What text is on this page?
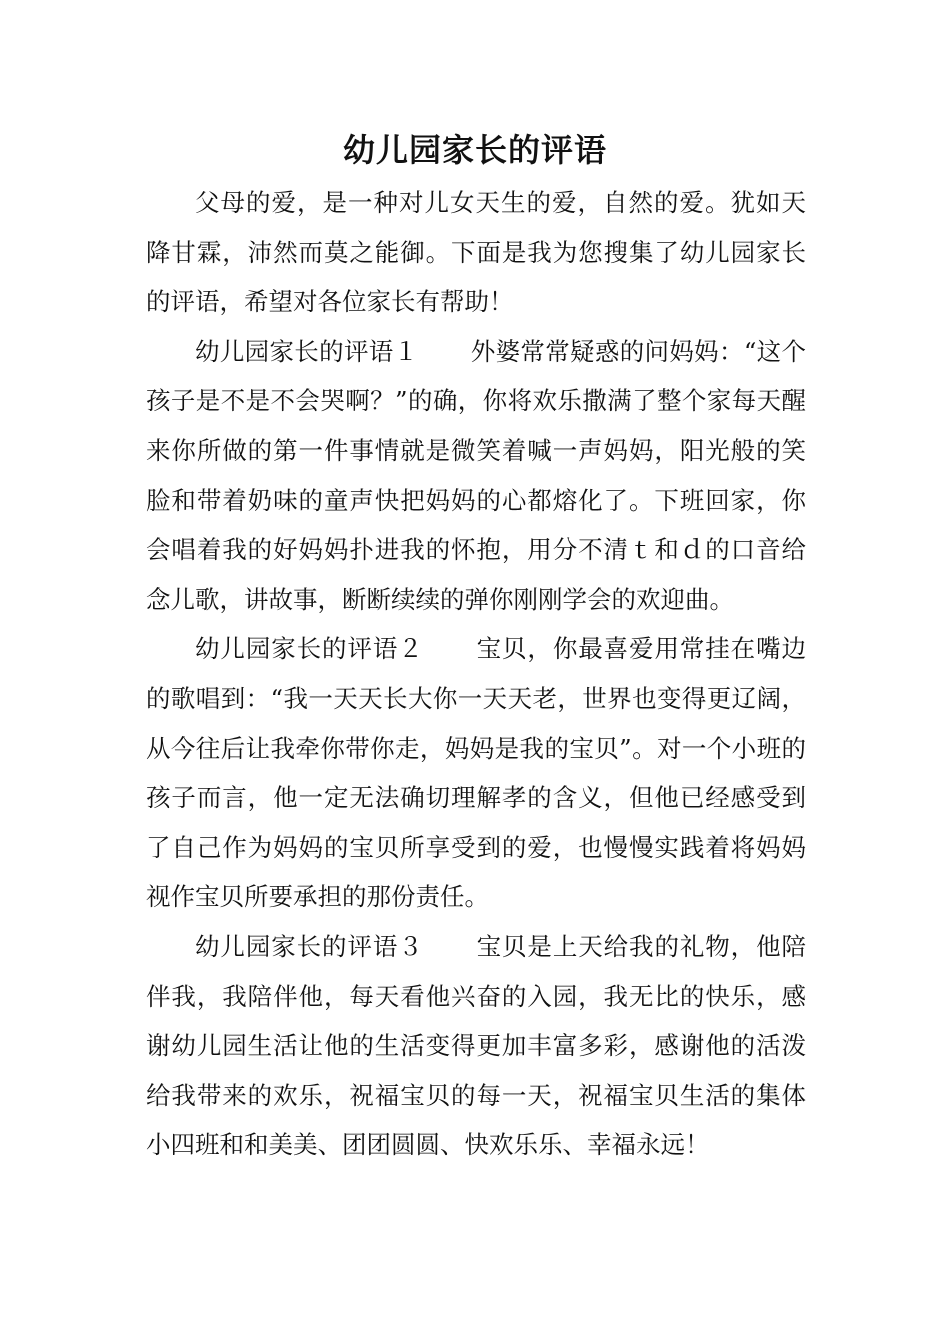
幼儿园家长的评语

父母的爱，是一种对儿女天生的爱，自然的爱。犹如天降甘霖，沛然而莫之能御。下面是我为您搜集了幼儿园家长的评语，希望对各位家长有帮助！

幼儿园家长的评语１ 外婆常常疑惑的问妈妈：“这个孩子是不是不会哭啊？”的确，你将欢乐撒满了整个家每天醒来你所做的第一件事情就是微笑着喊一声妈妈，阳光般的笑脸和带着奶味的童声快把妈妈的心都熔化了。下班回家，你会唱着我的好妈妈扑进我的怀抱，用分不清ｔ和ｄ的口音给念儿歌，讲故事，断断续续的弹你刚刚学会的欢迎曲。

幼儿园家长的评语２ 宝贝，你最喜爱用常挂在嘴边的歌唱到：“我一天天长大你一天天老，世界也变得更辽阔，从今往后让我牵你带你走，妈妈是我的宝贝”。对一个小班的孩子而言，他一定无法确切理解孝的含义，但他已经感受到了自己作为妈妈的宝贝所享受到的爱，也慢慢实践着将妈妈视作宝贝所要承担的那份责任。

幼儿园家长的评语３ 宝贝是上天给我的礼物，他陪伴我，我陪伴他，每天看他兴奋的入园，我无比的快乐，感谢幼儿园生活让他的生活变得更加丰富多彩，感谢他的活泼给我带来的欢乐，祝福宝贝的每一天，祝福宝贝生活的集体小四班和和美美、团团圆圆、快欢乐乐、幸福永远！
